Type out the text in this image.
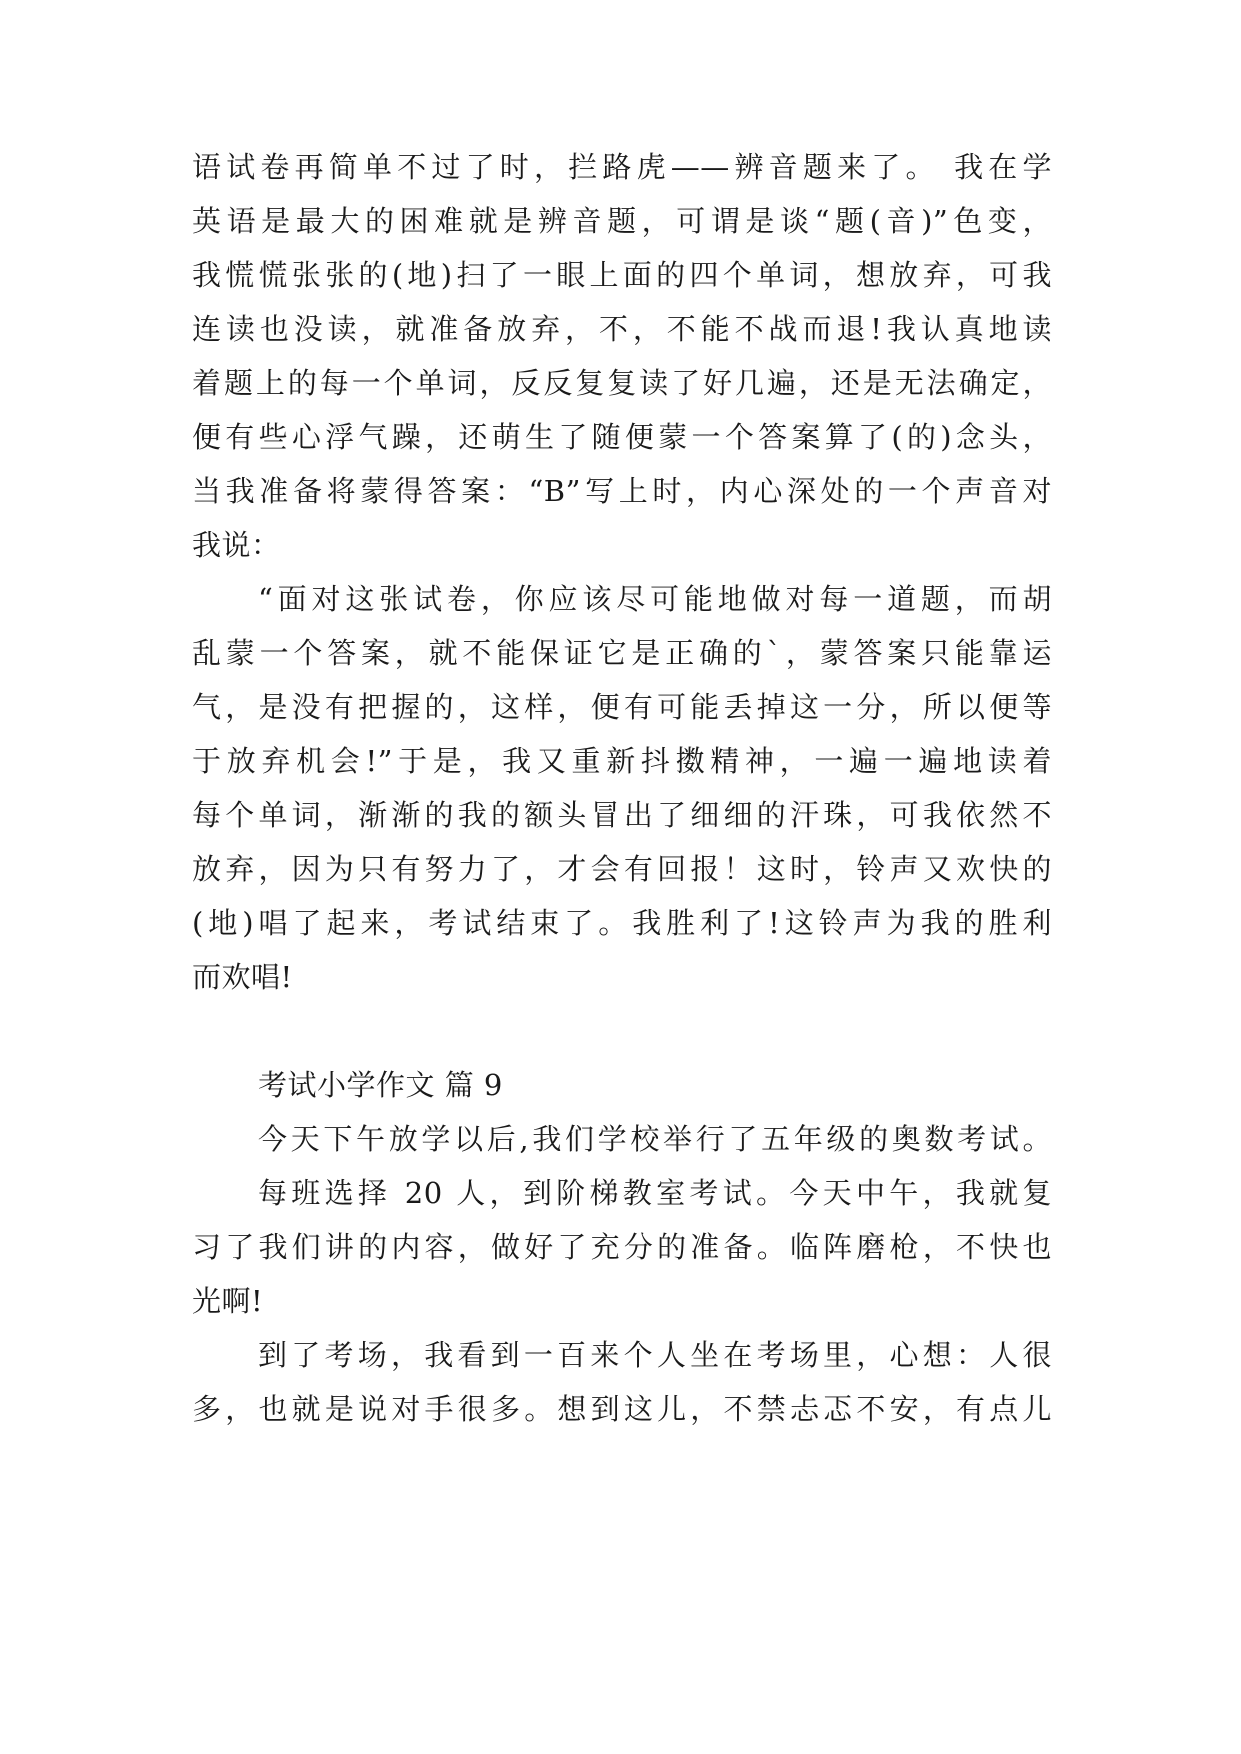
语试卷再简单不过了时，拦路虎——辨音题来了。 我在学
英语是最大的困难就是辨音题，可谓是谈“题(音)”色变，
我慌慌张张的(地)扫了一眼上面的四个单词，想放弃，可我
连读也没读，就准备放弃，不，不能不战而退!我认真地读
着题上的每一个单词，反反复复读了好几遍，还是无法确定，
便有些心浮气躁，还萌生了随便蒙一个答案算了(的)念头，
当我准备将蒙得答案：“B”写上时，内心深处的一个声音对
我说：
“面对这张试卷，你应该尽可能地做对每一道题，而胡
乱蒙一个答案，就不能保证它是正确的`，蒙答案只能靠运
气，是没有把握的，这样，便有可能丢掉这一分，所以便等
于放弃机会!”于是，我又重新抖擞精神，一遍一遍地读着
每个单词，渐渐的我的额头冒出了细细的汗珠，可我依然不
放弃，因为只有努力了，才会有回报！这时，铃声又欢快的
(地)唱了起来，考试结束了。我胜利了!这铃声为我的胜利
而欢唱!
考试小学作文 篇 9
今天下午放学以后,我们学校举行了五年级的奥数考试。
每班选择 20 人，到阶梯教室考试。今天中午，我就复
习了我们讲的内容，做好了充分的准备。临阵磨枪，不快也
光啊!
到了考场，我看到一百来个人坐在考场里，心想：人很
多，也就是说对手很多。想到这儿，不禁忐忑不安，有点儿
